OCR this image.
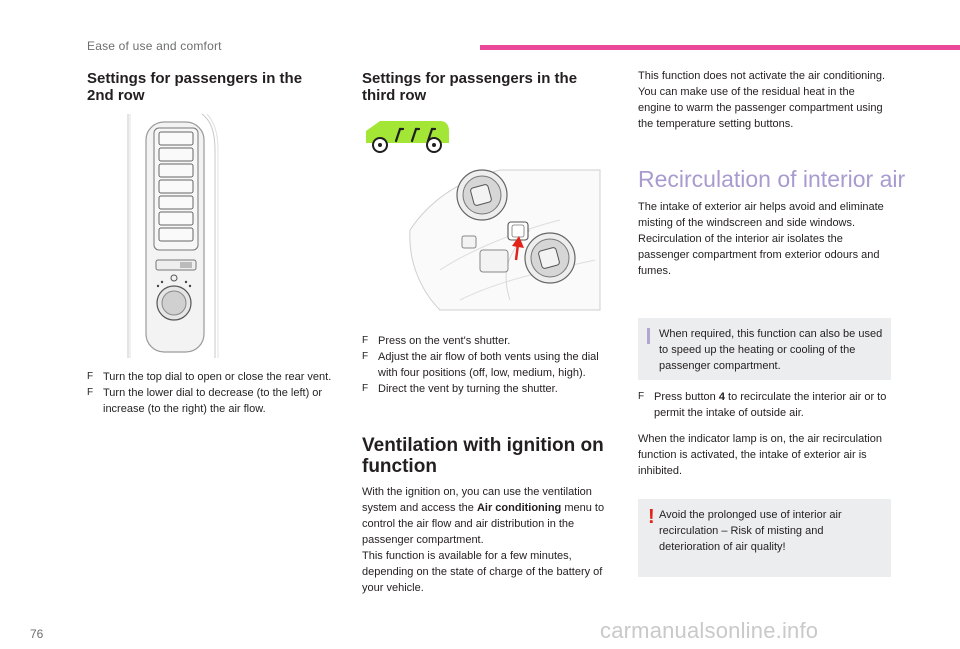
Ease of use and comfort
Settings for passengers in the 2nd row
F Turn the top dial to open or close the rear vent.
F Turn the lower dial to decrease (to the left) or increase (to the right) the air flow.
Settings for passengers in the third row
F Press on the vent's shutter.
F Adjust the air flow of both vents using the dial with four positions (off, low, medium, high).
F Direct the vent by turning the shutter.
Ventilation with ignition on function

With the ignition on, you can use the ventilation system and access the Air conditioning menu to control the air flow and air distribution in the passenger compartment.
This function is available for a few minutes, depending on the state of charge of the battery of your vehicle.

This function does not activate the air conditioning.
You can make use of the residual heat in the engine to warm the passenger compartment using the temperature setting buttons.

Recirculation of interior air

The intake of exterior air helps avoid and eliminate misting of the windscreen and side windows.
Recirculation of the interior air isolates the passenger compartment from exterior odours and fumes.

When required, this function can also be used to speed up the heating or cooling of the passenger compartment.

F Press button 4 to recirculate the interior air or to permit the intake of outside air.

When the indicator lamp is on, the air recirculation function is activated, the intake of exterior air is inhibited.

! Avoid the prolonged use of interior air recirculation – Risk of misting and deterioration of air quality!

76	carmanualsonline.info
